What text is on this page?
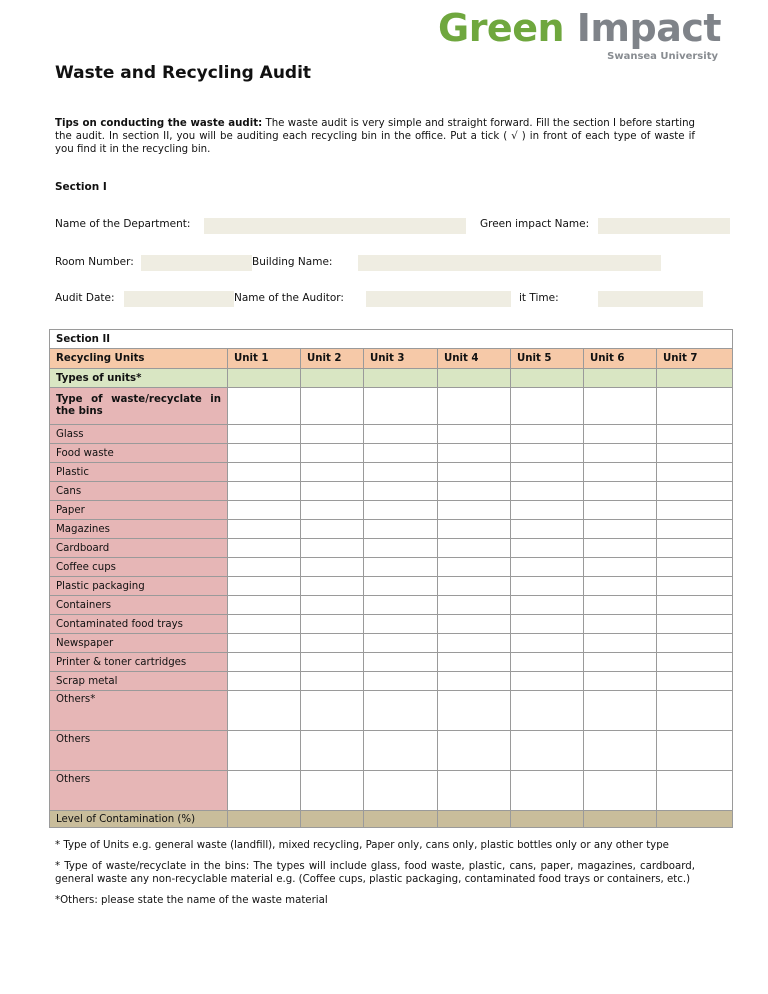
Green Impact
Swansea University
Waste and Recycling Audit

Tips on conducting the waste audit: The waste audit is very simple and straight forward. Fill the section I before starting the audit. In section II, you will be auditing each recycling bin in the office. Put a tick ( √ ) in front of each type of waste if you find it in the recycling bin.

Section I
Name of the Department:	Green impact Name:
Room Number:	Building Name:
Audit Date:	Name of the Auditor:	it Time:
Section II							
Recycling Units	Unit 1	Unit 2	Unit 3	Unit 4	Unit 5	Unit 6	Unit 7
Types of units*							
Type of waste/recyclate in the bins							
Glass							
Food waste							
Plastic							
Cans							
Paper							
Magazines							
Cardboard							
Coffee cups							
Plastic packaging							
Containers							
Contaminated food trays							
Newspaper							
Printer & toner cartridges							
Scrap metal							
Others*							
Others							
Others							
Level of Contamination (%)							

* Type of Units e.g. general waste (landfill), mixed recycling, Paper only, cans only, plastic bottles only or any other type

* Type of waste/recyclate in the bins: The types will include glass, food waste, plastic, cans, paper, magazines, cardboard, general waste any non-recyclable material e.g. (Coffee cups, plastic packaging, contaminated food trays or containers, etc.)

*Others: please state the name of the waste material
